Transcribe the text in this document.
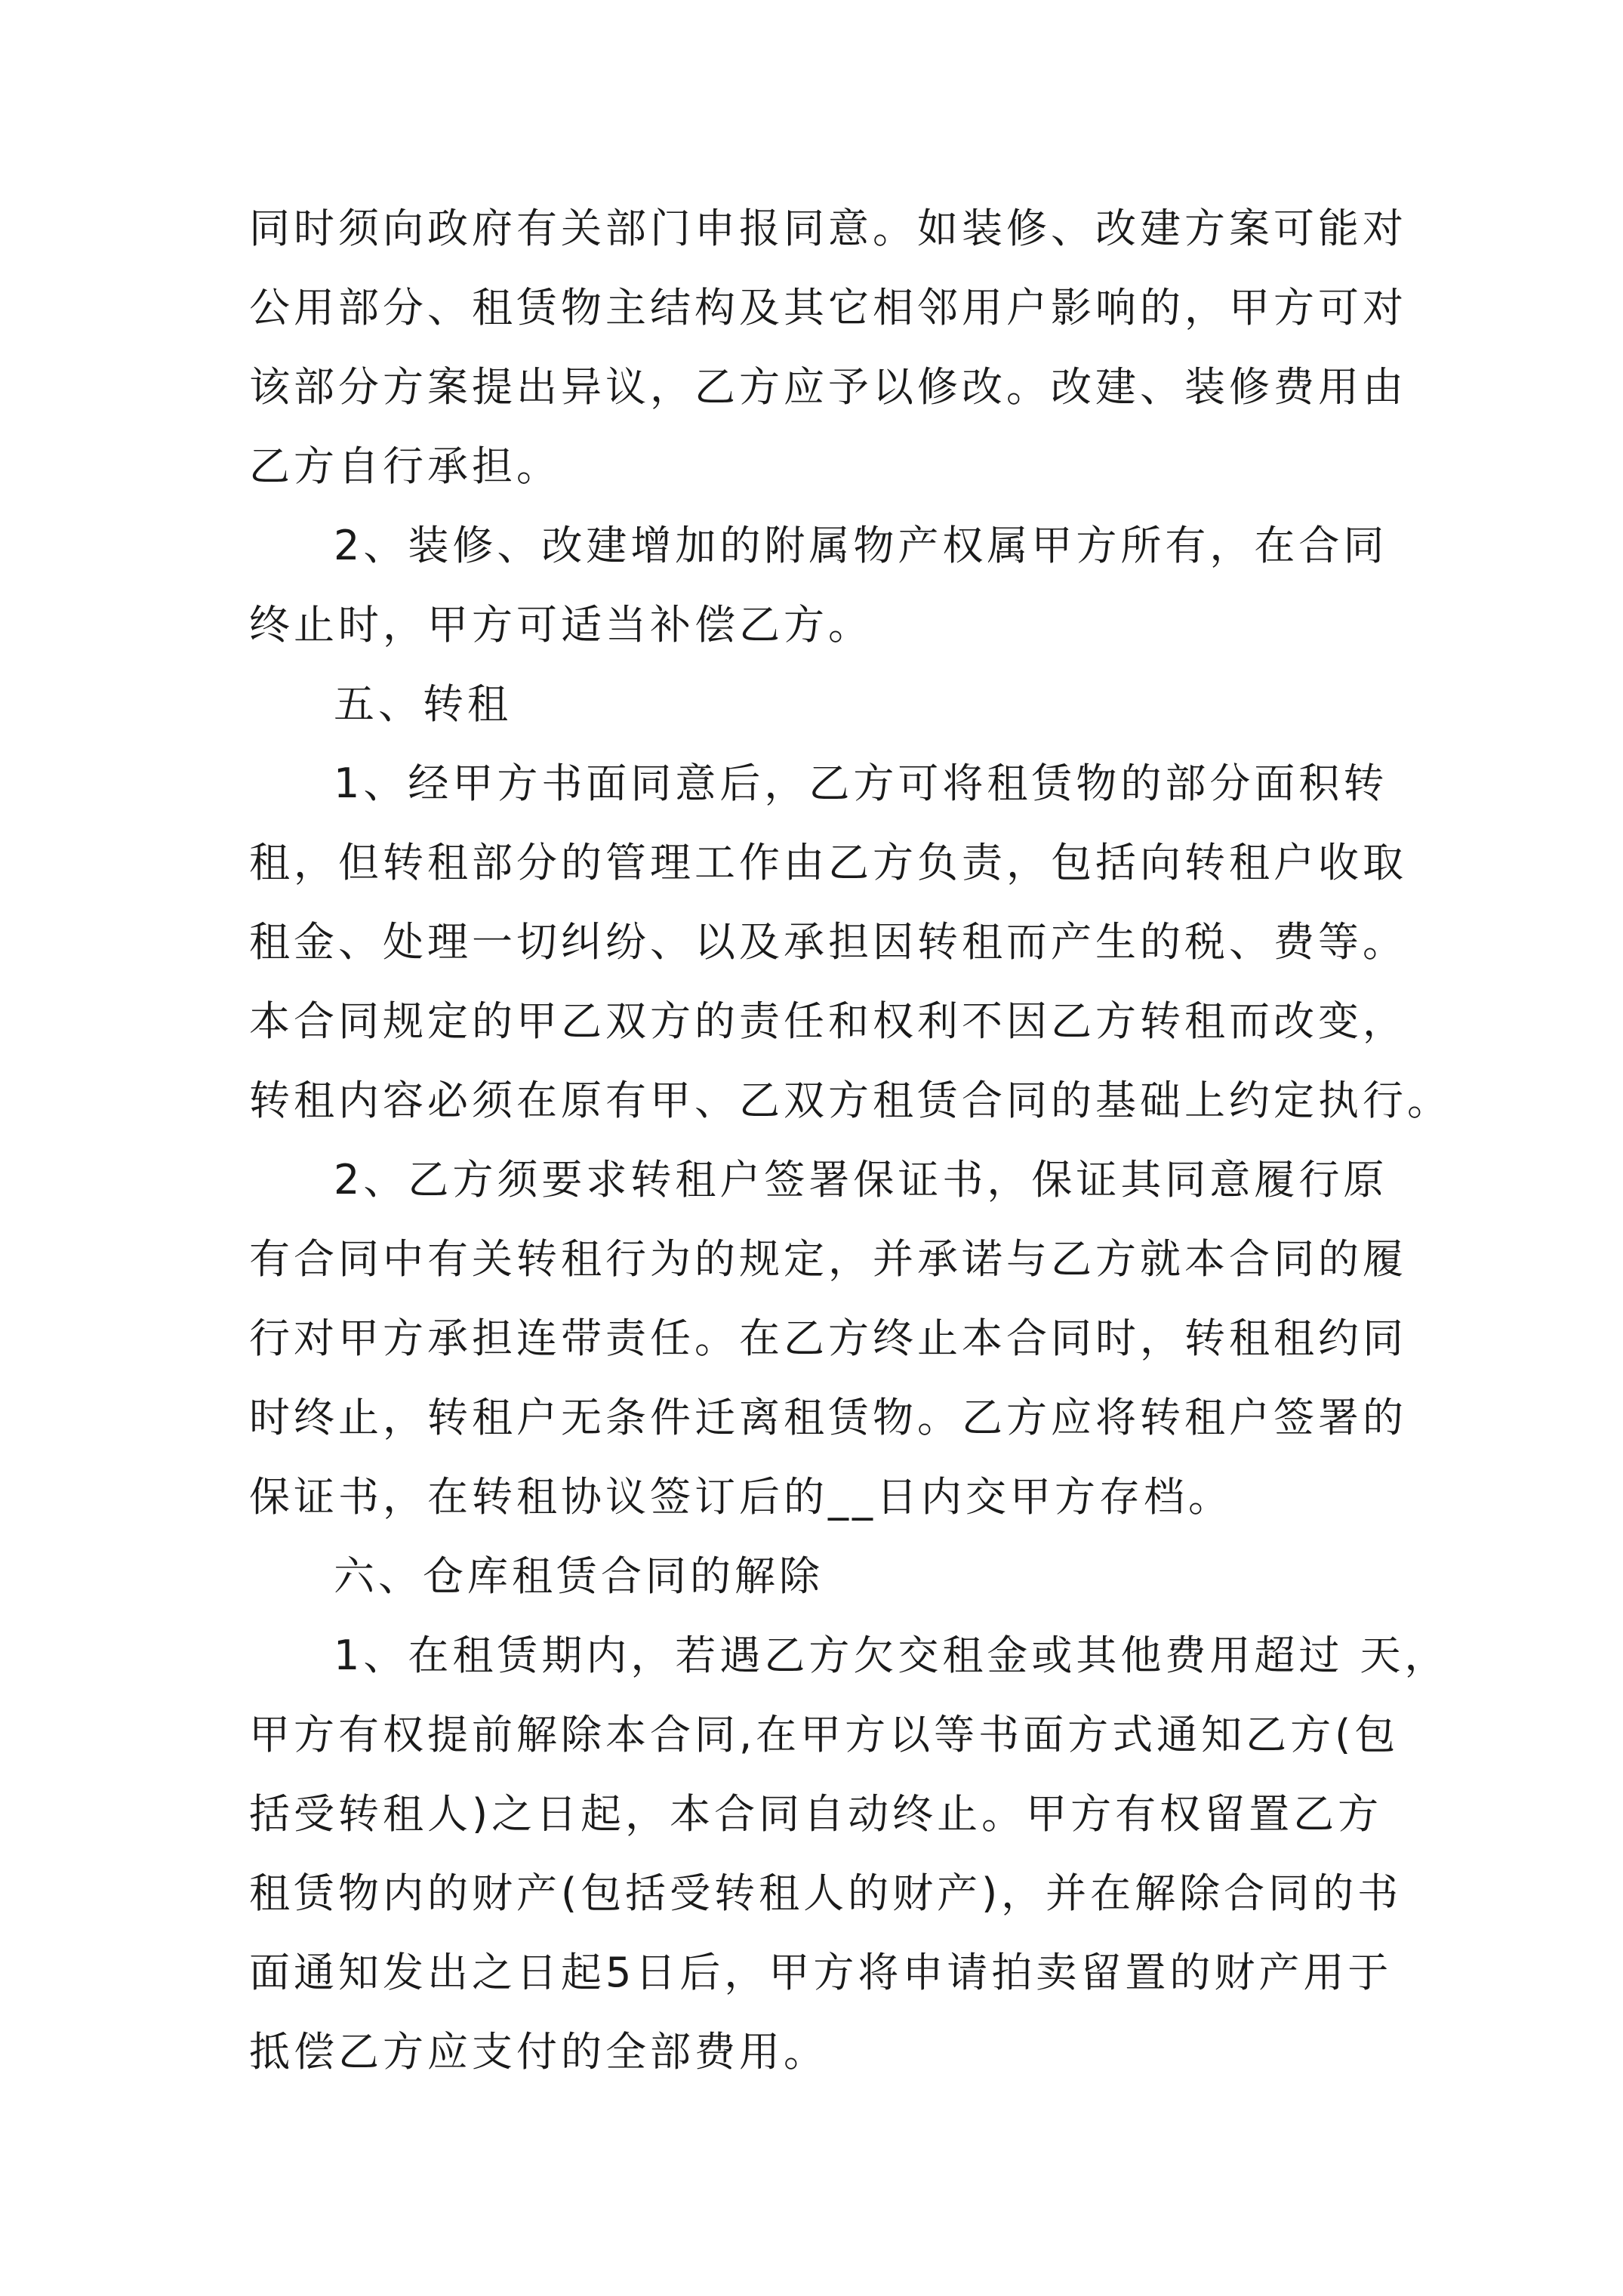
同时须向政府有关部门申报同意。如装修、改建方案可能对
公用部分、租赁物主结构及其它相邻用户影响的，甲方可对
该部分方案提出异议，乙方应予以修改。改建、装修费用由
乙方自行承担。
2、装修、改建增加的附属物产权属甲方所有，在合同
终止时，甲方可适当补偿乙方。
五、转租
1、经甲方书面同意后，乙方可将租赁物的部分面积转
租，但转租部分的管理工作由乙方负责，包括向转租户收取
租金、处理一切纠纷、以及承担因转租而产生的税、费等。
本合同规定的甲乙双方的责任和权利不因乙方转租而改变，
转租内容必须在原有甲、乙双方租赁合同的基础上约定执行。
2、乙方须要求转租户签署保证书，保证其同意履行原
有合同中有关转租行为的规定，并承诺与乙方就本合同的履
行对甲方承担连带责任。在乙方终止本合同时，转租租约同
时终止，转租户无条件迁离租赁物。乙方应将转租户签署的
保证书，在转租协议签订后的__日内交甲方存档。
六、仓库租赁合同的解除
1、在租赁期内，若遇乙方欠交租金或其他费用超过 天，
甲方有权提前解除本合同,在甲方以等书面方式通知乙方(包
括受转租人)之日起，本合同自动终止。甲方有权留置乙方
租赁物内的财产(包括受转租人的财产)，并在解除合同的书
面通知发出之日起5日后，甲方将申请拍卖留置的财产用于
抵偿乙方应支付的全部费用。
